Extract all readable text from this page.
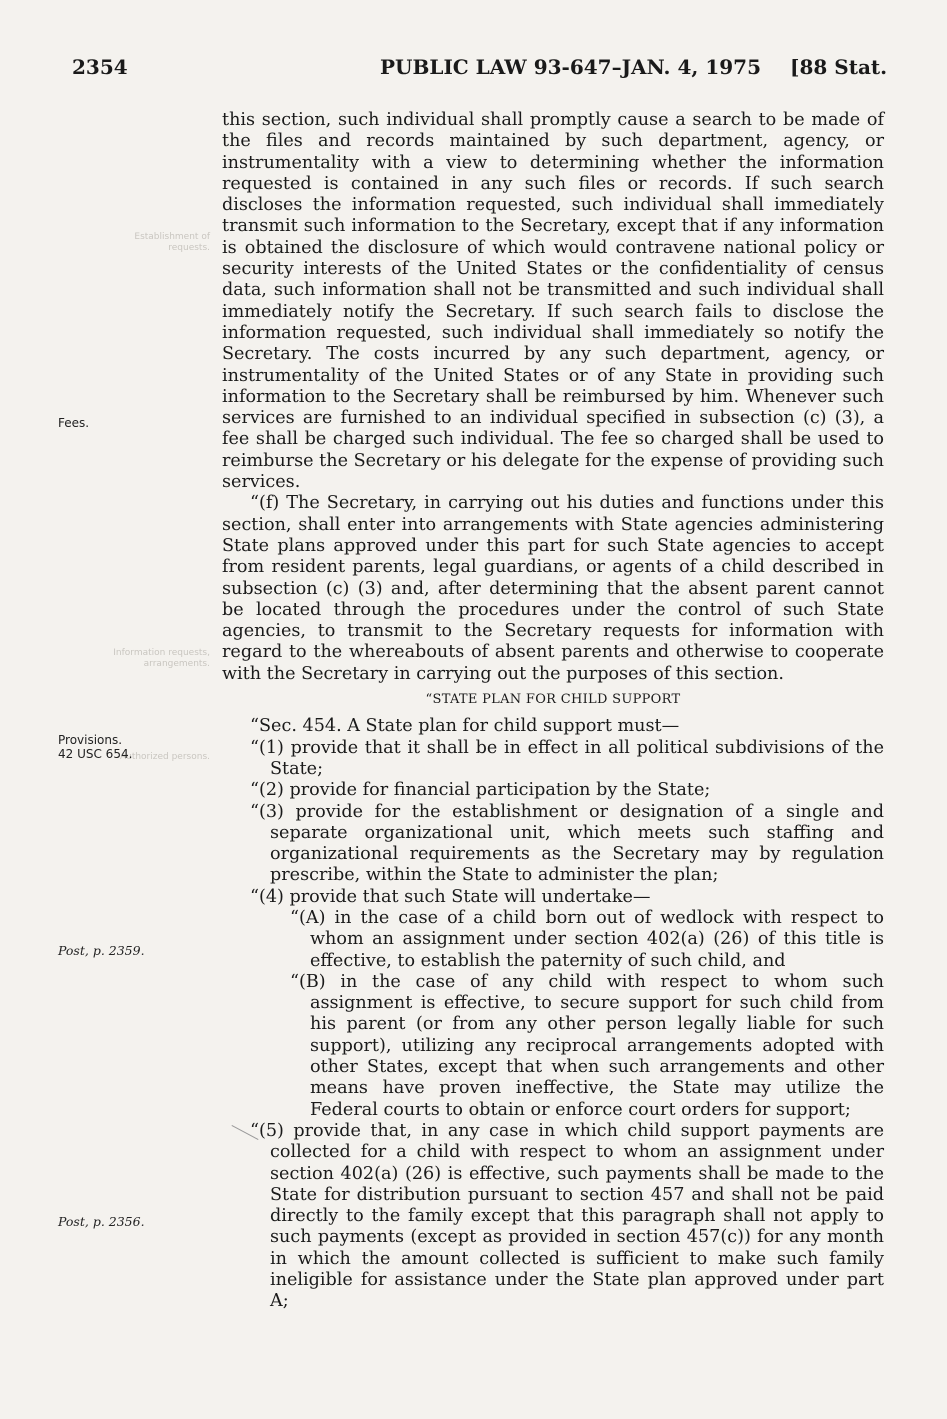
2354	PUBLIC LAW 93-647–JAN. 4, 1975 [88 Stat.
Establishment of requests.
Information requests, arrangements.
Authorized persons.
Fees.
Provisions.
42 USC 654.
Post, p. 2359.
Post, p. 2356.

this section, such individual shall promptly cause a search to be made of the files and records maintained by such department, agency, or instrumentality with a view to determining whether the information requested is contained in any such files or records. If such search discloses the information requested, such individual shall immediately transmit such information to the Secretary, except that if any information is obtained the disclosure of which would contravene national policy or security interests of the United States or the confidentiality of census data, such information shall not be transmitted and such individual shall immediately notify the Secretary. If such search fails to disclose the information requested, such individual shall immediately so notify the Secretary. The costs incurred by any such department, agency, or instrumentality of the United States or of any State in providing such information to the Secretary shall be reimbursed by him. Whenever such services are furnished to an individual specified in subsection (c) (3), a fee shall be charged such individual. The fee so charged shall be used to reimburse the Secretary or his delegate for the expense of providing such services.

“(f) The Secretary, in carrying out his duties and functions under this section, shall enter into arrangements with State agencies administering State plans approved under this part for such State agencies to accept from resident parents, legal guardians, or agents of a child described in subsection (c) (3) and, after determining that the absent parent cannot be located through the procedures under the control of such State agencies, to transmit to the Secretary requests for information with regard to the whereabouts of absent parents and otherwise to cooperate with the Secretary in carrying out the purposes of this section.

“STATE PLAN FOR CHILD SUPPORT

“Sec. 454. A State plan for child support must—

“(1) provide that it shall be in effect in all political subdivisions of the State;

“(2) provide for financial participation by the State;

“(3) provide for the establishment or designation of a single and separate organizational unit, which meets such staffing and organizational requirements as the Secretary may by regulation prescribe, within the State to administer the plan;

“(4) provide that such State will undertake—

“(A) in the case of a child born out of wedlock with respect to whom an assignment under section 402(a) (26) of this title is effective, to establish the paternity of such child, and

“(B) in the case of any child with respect to whom such assignment is effective, to secure support for such child from his parent (or from any other person legally liable for such support), utilizing any reciprocal arrangements adopted with other States, except that when such arrangements and other means have proven ineffective, the State may utilize the Federal courts to obtain or enforce court orders for support;

“(5) provide that, in any case in which child support payments are collected for a child with respect to whom an assignment under section 402(a) (26) is effective, such payments shall be made to the State for distribution pursuant to section 457 and shall not be paid directly to the family except that this paragraph shall not apply to such payments (except as provided in section 457(c)) for any month in which the amount collected is sufficient to make such family ineligible for assistance under the State plan approved under part A;
